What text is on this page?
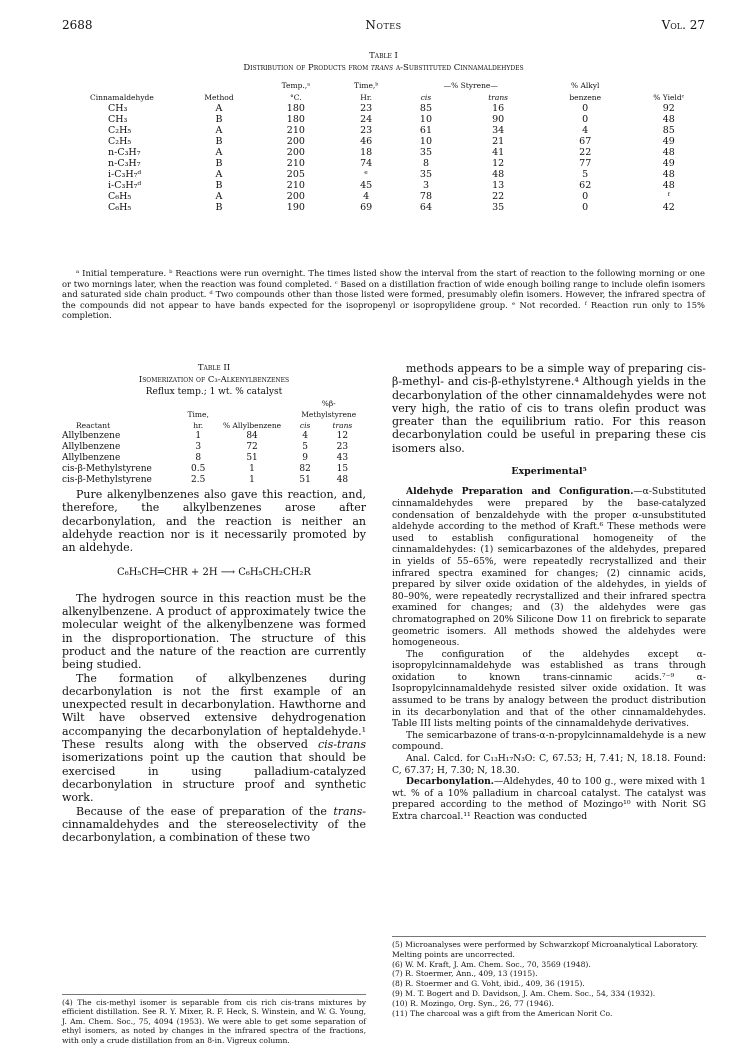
2688	Notes	Vol. 27
Table I
Distribution of Products from trans α-Substituted Cinnamaldehydes
Cinnamaldehyde	Method	Temp.,ᵃ	Time,ᵇ	—% Styrene—		% Alkyl	% Yieldᶜ
		°C.	Hr.	cis	trans	benzene	
CH₃	A	180	23	85	16	0	92
CH₃	B	180	24	10	90	0	48
C₂H₅	A	210	23	61	34	4	85
C₂H₅	B	200	46	10	21	67	49
n-C₃H₇	A	200	18	35	41	22	48
n-C₃H₇	B	210	74	8	12	77	49
i-C₃H₇ᵈ	A	205	ᵉ	35	48	5	48
i-C₃H₇ᵈ	B	210	45	3	13	62	48
C₆H₅	A	200	4	78	22	0	ᶠ
C₆H₅	B	190	69	64	35	0	42
ᵃ Initial temperature. ᵇ Reactions were run overnight. The times listed show the interval from the start of reaction to the following morning or one or two mornings later, when the reaction was found completed. ᶜ Based on a distillation fraction of wide enough boiling range to include olefin isomers and saturated side chain product. ᵈ Two compounds other than those listed were formed, presumably olefin isomers. However, the infrared spectra of the compounds did not appear to have bands expected for the isopropenyl or isopropylidene group. ᵉ Not recorded. ᶠ Reaction run only to 15% completion.
Table II
Isomerization of C₃-Alkenylbenzenes
Reflux temp.; 1 wt. % catalyst
			%β-	
	Time,		Methylstyrene	
Reactant	hr.	% Allylbenzene	cis	trans
Allylbenzene	1	84	4	12
Allylbenzene	3	72	5	23
Allylbenzene	8	51	9	43
cis-β-Methylstyrene	0.5	1	82	15
cis-β-Methylstyrene	2.5	1	51	48

Pure alkenylbenzenes also gave this reaction, and, therefore, the alkylbenzenes arose after decarbonylation, and the reaction is neither an aldehyde reaction nor is it necessarily promoted by an aldehyde.

C₆H₅CH═CHR + 2H ⟶ C₆H₅CH₂CH₂R

The hydrogen source in this reaction must be the alkenylbenzene. A product of approximately twice the molecular weight of the alkenylbenzene was formed in the disproportionation. The structure of this product and the nature of the reaction are currently being studied.

The formation of alkylbenzenes during decarbonylation is not the first example of an unexpected result in decarbonylation. Hawthorne and Wilt have observed extensive dehydrogenation accompanying the decarbonylation of heptaldehyde.¹ These results along with the observed cis-trans isomerizations point up the caution that should be exercised in using palladium-catalyzed decarbonylation in structure proof and synthetic work.

Because of the ease of preparation of the trans-cinnamaldehydes and the stereoselectivity of the decarbonylation, a combination of these two

(4) The cis-methyl isomer is separable from cis rich cis-trans mixtures by efficient distillation. See R. Y. Mixer, R. F. Heck, S. Winstein, and W. G. Young, J. Am. Chem. Soc., 75, 4094 (1953). We were able to get some separation of ethyl isomers, as noted by changes in the infrared spectra of the fractions, with only a crude distillation from an 8-in. Vigreux column.

methods appears to be a simple way of preparing cis-β-methyl- and cis-β-ethylstyrene.⁴ Although yields in the decarbonylation of the other cinnamaldehydes were not very high, the ratio of cis to trans olefin product was greater than the equilibrium ratio. For this reason decarbonylation could be useful in preparing these cis isomers also.

Experimental⁵

Aldehyde Preparation and Configuration.—α-Substituted cinnamaldehydes were prepared by the base-catalyzed condensation of benzaldehyde with the proper α-unsubstituted aldehyde according to the method of Kraft.⁶ These methods were used to establish configurational homogeneity of the cinnamaldehydes: (1) semicarbazones of the aldehydes, prepared in yields of 55–65%, were repeatedly recrystallized and their infrared spectra examined for changes; (2) cinnamic acids, prepared by silver oxide oxidation of the aldehydes, in yields of 80–90%, were repeatedly recrystallized and their infrared spectra examined for changes; and (3) the aldehydes were gas chromatographed on 20% Silicone Dow 11 on firebrick to separate geometric isomers. All methods showed the aldehydes were homogeneous.

The configuration of the aldehydes except α-isopropylcinnamaldehyde was established as trans through oxidation to known trans-cinnamic acids.⁷⁻⁹ α-Isopropylcinnamaldehyde resisted silver oxide oxidation. It was assumed to be trans by analogy between the product distribution in its decarbonylation and that of the other cinnamaldehydes. Table III lists melting points of the cinnamaldehyde derivatives.

The semicarbazone of trans-α-n-propylcinnamaldehyde is a new compound.

Anal. Calcd. for C₁₃H₁₇N₃O: C, 67.53; H, 7.41; N, 18.18. Found: C, 67.37; H, 7.30; N, 18.30.

Decarbonylation.—Aldehydes, 40 to 100 g., were mixed with 1 wt. % of a 10% palladium in charcoal catalyst. The catalyst was prepared according to the method of Mozingo¹⁰ with Norit SG Extra charcoal.¹¹ Reaction was conducted

(5) Microanalyses were performed by Schwarzkopf Microanalytical Laboratory. Melting points are uncorrected.
(6) W. M. Kraft, J. Am. Chem. Soc., 70, 3569 (1948).
(7) R. Stoermer, Ann., 409, 13 (1915).
(8) R. Stoermer and G. Voht, ibid., 409, 36 (1915).
(9) M. T. Bogert and D. Davidson, J. Am. Chem. Soc., 54, 334 (1932).
(10) R. Mozingo, Org. Syn., 26, 77 (1946).
(11) The charcoal was a gift from the American Norit Co.
